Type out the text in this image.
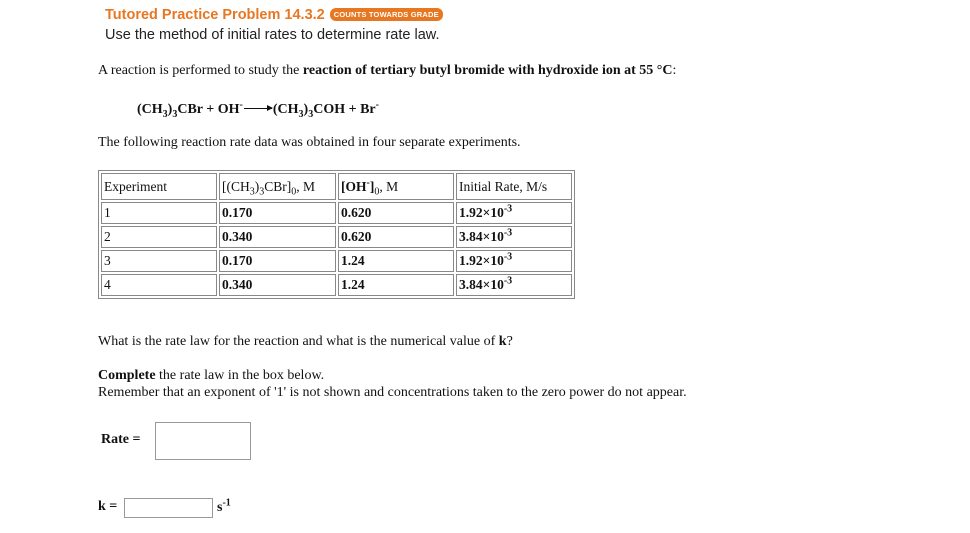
Tutored Practice Problem 14.3.2 COUNTS TOWARDS GRADE
Use the method of initial rates to determine rate law.
A reaction is performed to study the reaction of tertiary butyl bromide with hydroxide ion at 55 °C:
$(CH_3)_3CBr + OH^-\to(CH_3)_3COH + Br^-$
The following reaction rate data was obtained in four separate experiments.
Experiment	$[(CH_3)_3CBr]_0$, M	$[OH^-]_0$, M	Initial Rate, M/s
1	0.170	0.620	$1.92\times 10^{-3}$
2	0.340	0.620	$3.84\times 10^{-3}$
3	0.170	1.24	$1.92\times 10^{-3}$
4	0.340	1.24	$3.84\times 10^{-3}$
What is the rate law for the reaction and what is the numerical value of k?
Complete the rate law in the box below.
Remember that an exponent of '1' is not shown and concentrations taken to the zero power do not appear.
Rate =
k =	$s^{-1}$
